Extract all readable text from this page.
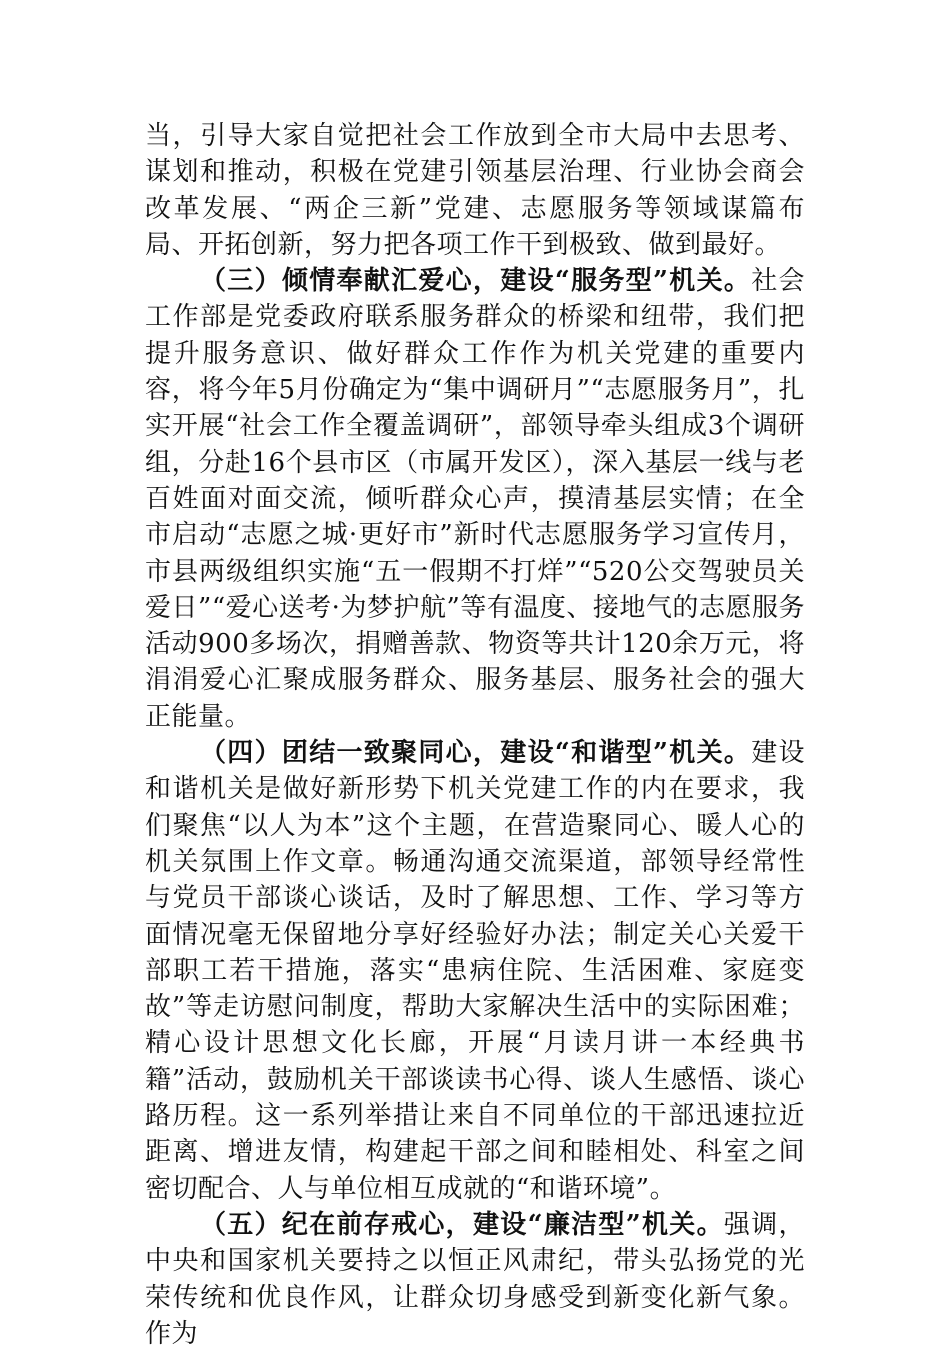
当，引导大家自觉把社会工作放到全市大局中去思考、谋划和推动，积极在党建引领基层治理、行业协会商会改革发展、“两企三新”党建、志愿服务等领域谋篇布局、开拓创新，努力把各项工作干到极致、做到最好。

（三）倾情奉献汇爱心，建设“服务型”机关。社会工作部是党委政府联系服务群众的桥梁和纽带，我们把提升服务意识、做好群众工作作为机关党建的重要内容，将今年5月份确定为“集中调研月”“志愿服务月”，扎实开展“社会工作全覆盖调研”，部领导牵头组成3个调研组，分赴16个县市区（市属开发区），深入基层一线与老百姓面对面交流，倾听群众心声，摸清基层实情；在全市启动“志愿之城·更好市”新时代志愿服务学习宣传月，市县两级组织实施“五一假期不打烊”“520公交驾驶员关爱日”“爱心送考·为梦护航”等有温度、接地气的志愿服务活动900多场次，捐赠善款、物资等共计120余万元，将涓涓爱心汇聚成服务群众、服务基层、服务社会的强大正能量。

（四）团结一致聚同心，建设“和谐型”机关。建设和谐机关是做好新形势下机关党建工作的内在要求，我们聚焦“以人为本”这个主题，在营造聚同心、暖人心的机关氛围上作文章。畅通沟通交流渠道，部领导经常性与党员干部谈心谈话，及时了解思想、工作、学习等方面情况毫无保留地分享好经验好办法；制定关心关爱干部职工若干措施，落实“患病住院、生活困难、家庭变故”等走访慰问制度，帮助大家解决生活中的实际困难；精心设计思想文化长廊，开展“月读月讲一本经典书籍”活动，鼓励机关干部谈读书心得、谈人生感悟、谈心路历程。这一系列举措让来自不同单位的干部迅速拉近距离、增进友情，构建起干部之间和睦相处、科室之间密切配合、人与单位相互成就的“和谐环境”。

（五）纪在前存戒心，建设“廉洁型”机关。强调，中央和国家机关要持之以恒正风肃纪，带头弘扬党的光荣传统和优良作风，让群众切身感受到新变化新气象。作为
